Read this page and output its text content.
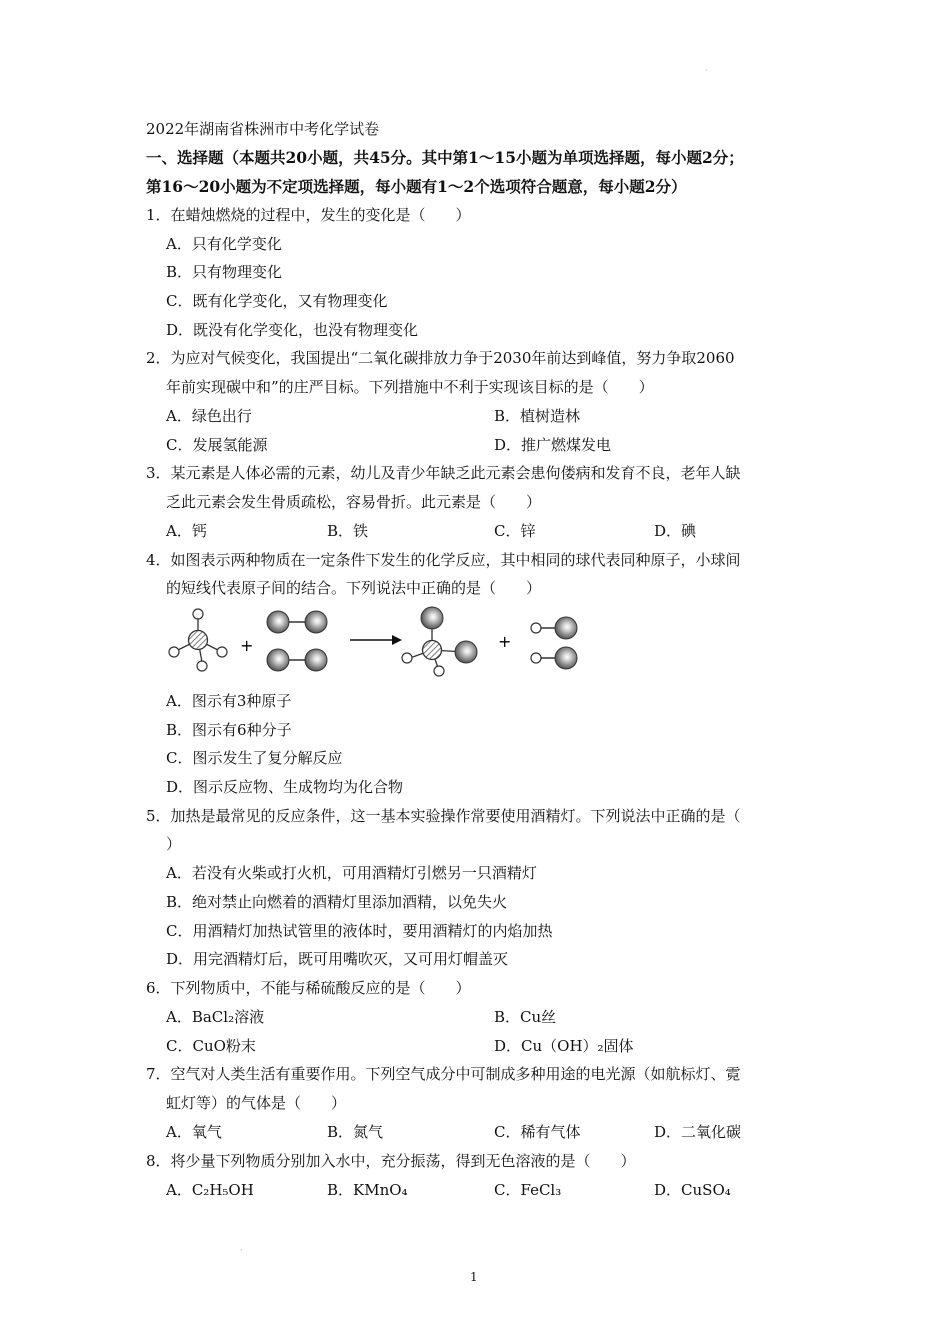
·
·
2022年湖南省株洲市中考化学试卷
一、选择题（本题共20小题，共45分。其中第1～15小题为单项选择题，每小题2分；
第16～20小题为不定项选择题，每小题有1～2个选项符合题意，每小题2分）
1．在蜡烛燃烧的过程中，发生的变化是（　　）
A．只有化学变化
B．只有物理变化
C．既有化学变化，又有物理变化
D．既没有化学变化，也没有物理变化
2．为应对气候变化，我国提出“二氧化碳排放力争于2030年前达到峰值，努力争取2060
年前实现碳中和”的庄严目标。下列措施中不利于实现该目标的是（　　）
A．绿色出行	B．植树造林
C．发展氢能源	D．推广燃煤发电
3．某元素是人体必需的元素，幼儿及青少年缺乏此元素会患佝偻病和发育不良，老年人缺
乏此元素会发生骨质疏松，容易骨折。此元素是（　　）
A．钙	B．铁	C．锌	D．碘
4．如图表示两种物质在一定条件下发生的化学反应，其中相同的球代表同种原子，小球间
的短线代表原子间的结合。下列说法中正确的是（　　）
+	+
A．图示有3种原子
B．图示有6种分子
C．图示发生了复分解反应
D．图示反应物、生成物均为化合物
5．加热是最常见的反应条件，这一基本实验操作常要使用酒精灯。下列说法中正确的是（
）
A．若没有火柴或打火机，可用酒精灯引燃另一只酒精灯
B．绝对禁止向燃着的酒精灯里添加酒精，以免失火
C．用酒精灯加热试管里的液体时，要用酒精灯的内焰加热
D．用完酒精灯后，既可用嘴吹灭，又可用灯帽盖灭
6．下列物质中，不能与稀硫酸反应的是（　　）
A．BaCl₂溶液	B．Cu丝
C．CuO粉末	D．Cu（OH）₂固体
7．空气对人类生活有重要作用。下列空气成分中可制成多种用途的电光源（如航标灯、霓
虹灯等）的气体是（　　）
A．氧气	B．氮气	C．稀有气体	D．二氧化碳
8．将少量下列物质分别加入水中，充分振荡，得到无色溶液的是（　　）
A．C₂H₅OH	B．KMnO₄	C．FeCl₃	D．CuSO₄
1
